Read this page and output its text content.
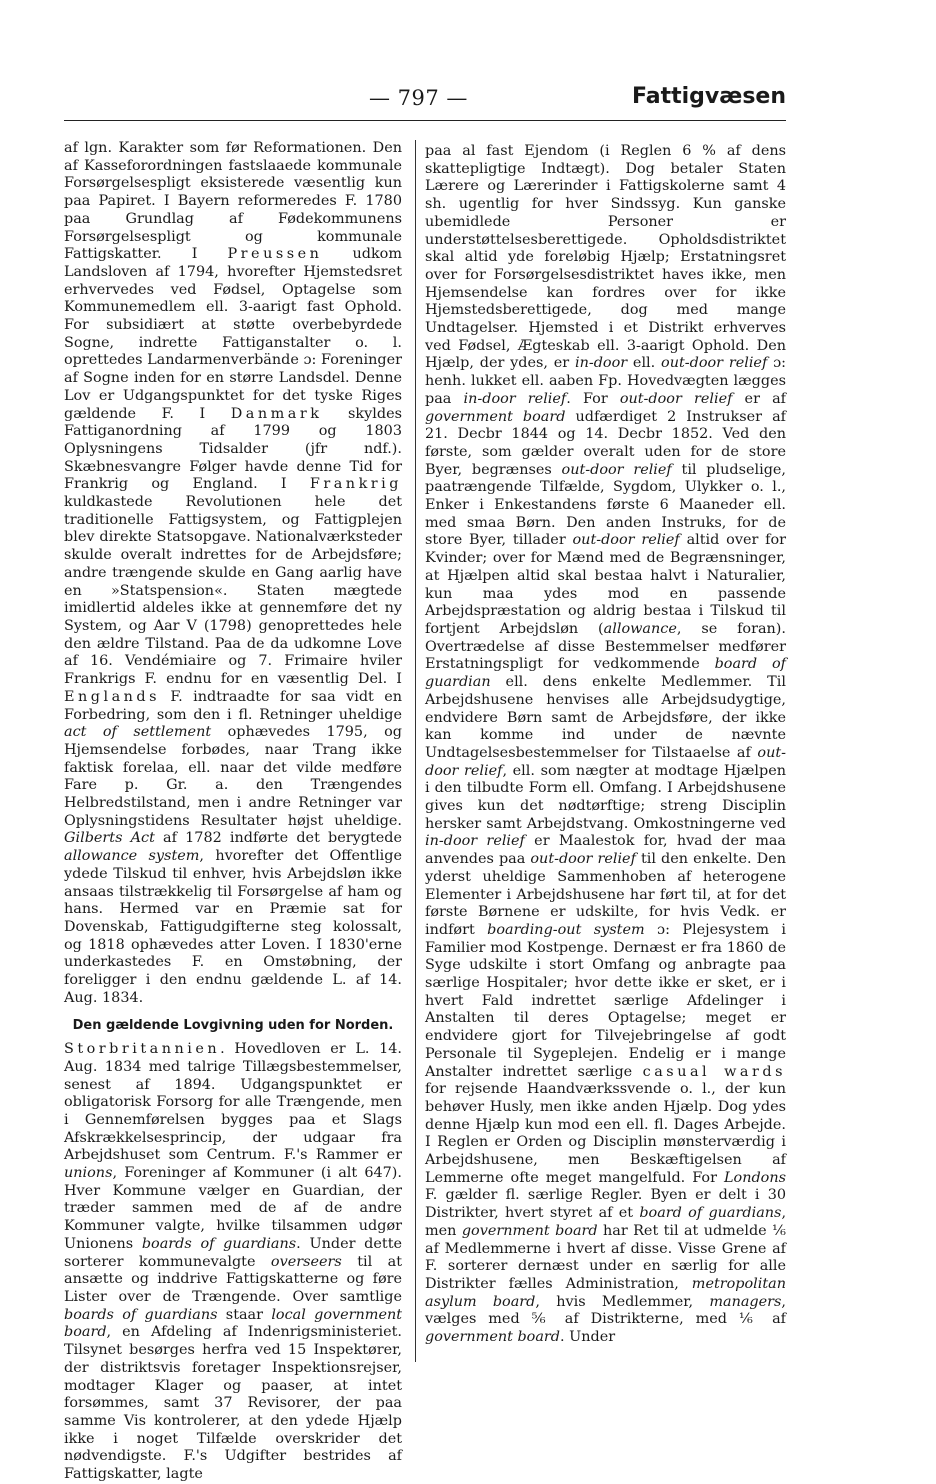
— 797 —	Fattigvæsen

af lgn. Karakter som før Reformationen. Den af Kasseforordningen fastslaaede kommunale Forsørgelsespligt eksisterede væsentlig kun paa Papiret. I Bayern reformeredes F. 1780 paa Grundlag af Fødekommunens Forsørgelsespligt og kommunale Fattigskatter. I Preussen udkom Landsloven af 1794, hvorefter Hjemstedsret erhvervedes ved Fødsel, Optagelse som Kommunemedlem ell. 3-aarigt fast Ophold. For subsidiært at støtte overbebyrdede Sogne, indrette Fattiganstalter o. l. oprettedes Landarmenverbände ɔ: Foreninger af Sogne inden for en større Landsdel. Denne Lov er Udgangspunktet for det tyske Riges gældende F. I Danmark skyldes Fattiganordning af 1799 og 1803 Oplysningens Tidsalder (jfr ndf.). Skæbnesvangre Følger havde denne Tid for Frankrig og England. I Frankrig kuldkastede Revolutionen hele det traditionelle Fattigsystem, og Fattigplejen blev direkte Statsopgave. Nationalværksteder skulde overalt indrettes for de Arbejdsføre; andre trængende skulde en Gang aarlig have en »Statspension«. Staten mægtede imidlertid aldeles ikke at gennemføre det ny System, og Aar V (1798) genoprettedes hele den ældre Tilstand. Paa de da udkomne Love af 16. Vendémiaire og 7. Frimaire hviler Frankrigs F. endnu for en væsentlig Del. I Englands F. indtraadte for saa vidt en Forbedring, som den i fl. Retninger uheldige act of settlement ophævedes 1795, og Hjemsendelse forbødes, naar Trang ikke faktisk forelaa, ell. naar det vilde medføre Fare p. Gr. a. den Trængendes Helbredstilstand, men i andre Retninger var Oplysningstidens Resultater højst uheldige. Gilberts Act af 1782 indførte det berygtede allowance system, hvorefter det Offentlige ydede Tilskud til enhver, hvis Arbejdsløn ikke ansaas tilstrækkelig til Forsørgelse af ham og hans. Hermed var en Præmie sat for Dovenskab, Fattigudgifterne steg kolossalt, og 1818 ophævedes atter Loven. I 1830'erne underkastedes F. en Omstøbning, der foreligger i den endnu gældende L. af 14. Aug. 1834.

Den gældende Lovgivning uden for Norden.

Storbritannien. Hovedloven er L. 14. Aug. 1834 med talrige Tillægsbestemmelser, senest af 1894. Udgangspunktet er obligatorisk Forsorg for alle Trængende, men i Gennemførelsen bygges paa et Slags Afskrækkelsesprincip, der udgaar fra Arbejdshuset som Centrum. F.'s Rammer er unions, Foreninger af Kommuner (i alt 647). Hver Kommune vælger en Guardian, der træder sammen med de af de andre Kommuner valgte, hvilke tilsammen udgør Unionens boards of guardians. Under dette sorterer kommunevalgte overseers til at ansætte og inddrive Fattigskatterne og føre Lister over de Trængende. Over samtlige boards of guardians staar local government board, en Afdeling af Indenrigsministeriet. Tilsynet besørges herfra ved 15 Inspektører, der distriktsvis foretager Inspektionsrejser, modtager Klager og paaser, at intet forsømmes, samt 37 Revisorer, der paa samme Vis kontrolerer, at den ydede Hjælp ikke i noget Tilfælde overskrider det nødvendigste. F.'s Udgifter bestrides af Fattigskatter, lagte

paa al fast Ejendom (i Reglen 6 % af dens skattepligtige Indtægt). Dog betaler Staten Lærere og Lærerinder i Fattigskolerne samt 4 sh. ugentlig for hver Sindssyg. Kun ganske ubemidlede Personer er understøttelsesberettigede. Opholdsdistriktet skal altid yde foreløbig Hjælp; Erstatningsret over for Forsørgelsesdistriktet haves ikke, men Hjemsendelse kan fordres over for ikke Hjemstedsberettigede, dog med mange Undtagelser. Hjemsted i et Distrikt erhverves ved Fødsel, Ægteskab ell. 3-aarigt Ophold. Den Hjælp, der ydes, er in-door ell. out-door relief ɔ: henh. lukket ell. aaben Fp. Hovedvægten lægges paa in-door relief. For out-door relief er af government board udfærdiget 2 Instrukser af 21. Decbr 1844 og 14. Decbr 1852. Ved den første, som gælder overalt uden for de store Byer, begrænses out-door relief til pludselige, paatrængende Tilfælde, Sygdom, Ulykker o. l., Enker i Enkestandens første 6 Maaneder ell. med smaa Børn. Den anden Instruks, for de store Byer, tillader out-door relief altid over for Kvinder; over for Mænd med de Begrænsninger, at Hjælpen altid skal bestaa halvt i Naturalier, kun maa ydes mod en passende Arbejdspræstation og aldrig bestaa i Tilskud til fortjent Arbejdsløn (allowance, se foran). Overtrædelse af disse Bestemmelser medfører Erstatningspligt for vedkommende board of guardian ell. dens enkelte Medlemmer. Til Arbejdshusene henvises alle Arbejdsudygtige, endvidere Børn samt de Arbejdsføre, der ikke kan komme ind under de nævnte Undtagelsesbestemmelser for Tilstaaelse af out-door relief, ell. som nægter at modtage Hjælpen i den tilbudte Form ell. Omfang. I Arbejdshusene gives kun det nødtørftige; streng Disciplin hersker samt Arbejdstvang. Omkostningerne ved in-door relief er Maalestok for, hvad der maa anvendes paa out-door relief til den enkelte. Den yderst uheldige Sammenhoben af heterogene Elementer i Arbejdshusene har ført til, at for det første Børnene er udskilte, for hvis Vedk. er indført boarding-out system ɔ: Plejesystem i Familier mod Kostpenge. Dernæst er fra 1860 de Syge udskilte i stort Omfang og anbragte paa særlige Hospitaler; hvor dette ikke er sket, er i hvert Fald indrettet særlige Afdelinger i Anstalten til deres Optagelse; meget er endvidere gjort for Tilvejebringelse af godt Personale til Sygeplejen. Endelig er i mange Anstalter indrettet særlige casual wards for rejsende Haandværkssvende o. l., der kun behøver Husly, men ikke anden Hjælp. Dog ydes denne Hjælp kun mod een ell. fl. Dages Arbejde. I Reglen er Orden og Disciplin mønsterværdig i Arbejdshusene, men Beskæftigelsen af Lemmerne ofte meget mangelfuld. For Londons F. gælder fl. særlige Regler. Byen er delt i 30 Distrikter, hvert styret af et board of guardians, men government board har Ret til at udmelde ⅙ af Medlemmerne i hvert af disse. Visse Grene af F. sorterer dernæst under en særlig for alle Distrikter fælles Administration, metropolitan asylum board, hvis Medlemmer, managers, vælges med ⅚ af Distrikterne, med ⅙ af government board. Under
